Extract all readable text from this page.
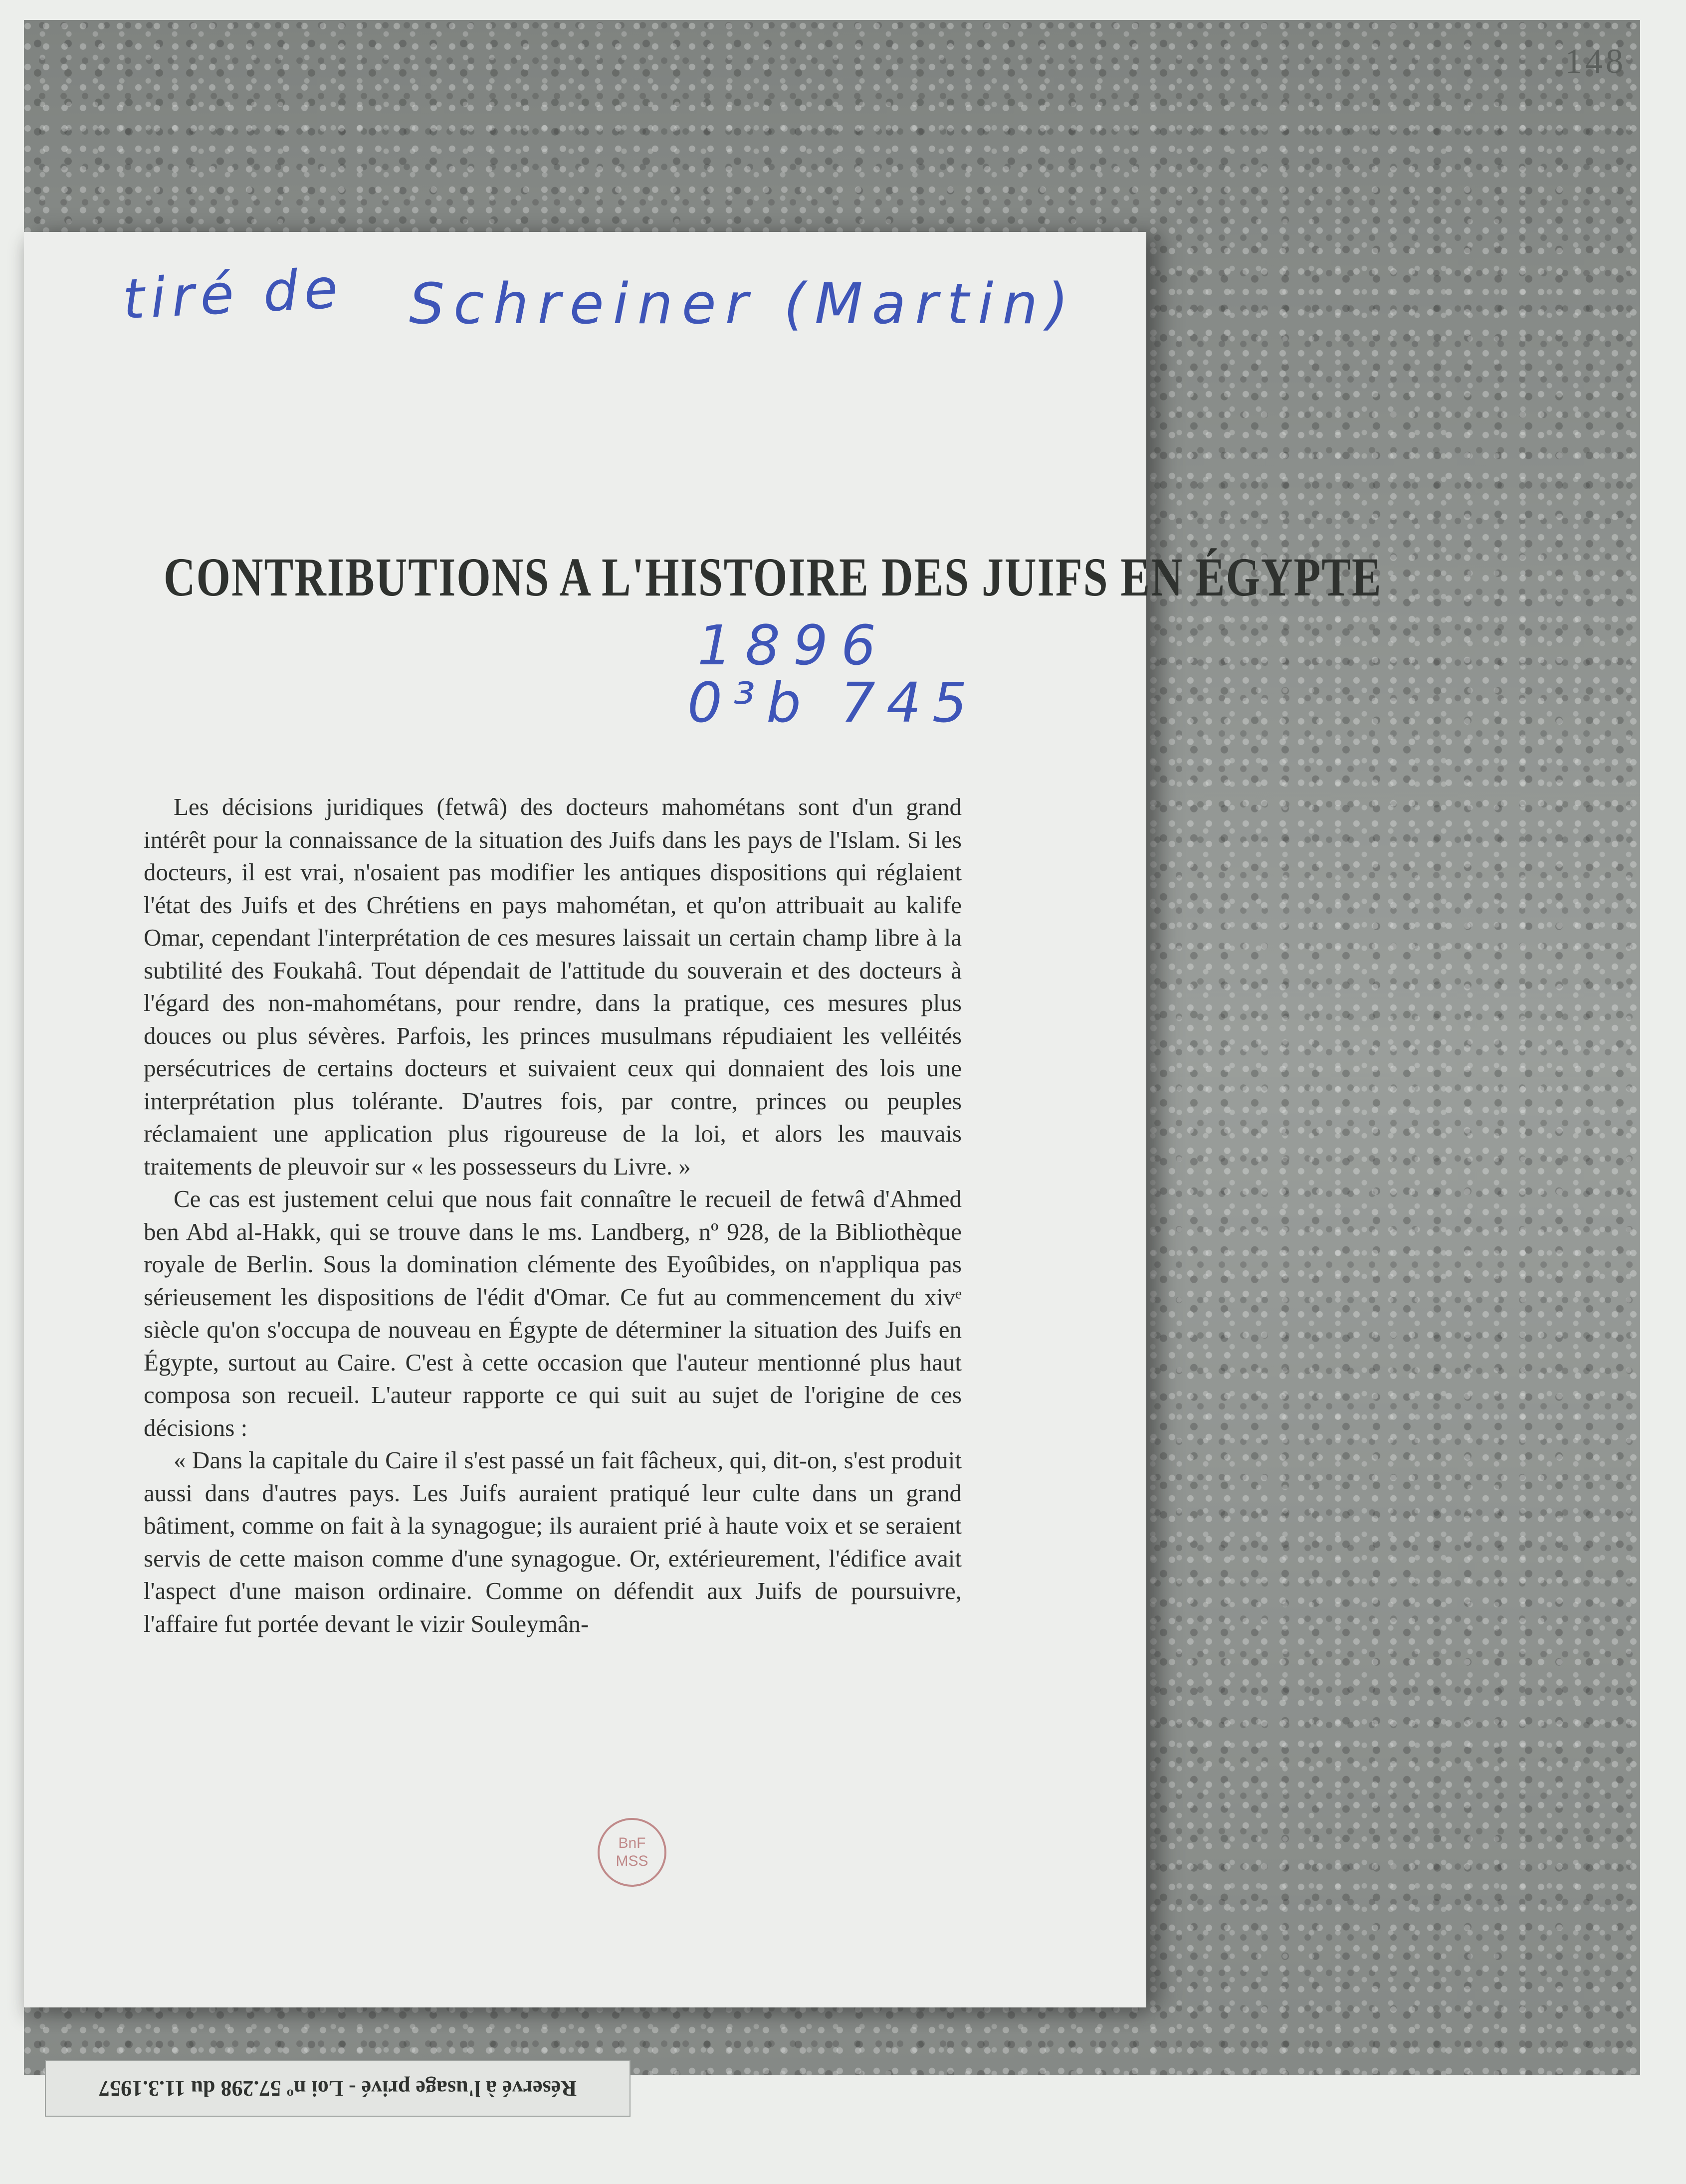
148
tiré de Schreiner (Martin)
CONTRIBUTIONS A L'HISTOIRE DES JUIFS EN ÉGYPTE
1896
0³b 745

Les décisions juridiques (fetwâ) des docteurs mahométans sont d'un grand intérêt pour la connaissance de la situation des Juifs dans les pays de l'Islam. Si les docteurs, il est vrai, n'osaient pas modifier les antiques dispositions qui réglaient l'état des Juifs et des Chrétiens en pays mahométan, et qu'on attribuait au kalife Omar, cependant l'interprétation de ces mesures laissait un certain champ libre à la subtilité des Foukahâ. Tout dépendait de l'attitude du souverain et des docteurs à l'égard des non-mahométans, pour rendre, dans la pratique, ces mesures plus douces ou plus sévères. Parfois, les princes musulmans répudiaient les velléités persécutrices de certains docteurs et suivaient ceux qui donnaient des lois une interprétation plus tolérante. D'autres fois, par contre, princes ou peuples réclamaient une application plus rigoureuse de la loi, et alors les mauvais traitements de pleuvoir sur « les possesseurs du Livre. »

Ce cas est justement celui que nous fait connaître le recueil de fetwâ d'Ahmed ben Abd al-Hakk, qui se trouve dans le ms. Landberg, nº 928, de la Bibliothèque royale de Berlin. Sous la domination clémente des Eyoûbides, on n'appliqua pas sérieusement les dispositions de l'édit d'Omar. Ce fut au commencement du xivᵉ siècle qu'on s'occupa de nouveau en Égypte de déterminer la situation des Juifs en Égypte, surtout au Caire. C'est à cette occasion que l'auteur mentionné plus haut composa son recueil. L'auteur rapporte ce qui suit au sujet de l'origine de ces décisions :

« Dans la capitale du Caire il s'est passé un fait fâcheux, qui, dit-on, s'est produit aussi dans d'autres pays. Les Juifs auraient pratiqué leur culte dans un grand bâtiment, comme on fait à la synagogue; ils auraient prié à haute voix et se seraient servis de cette maison comme d'une synagogue. Or, extérieurement, l'édifice avait l'aspect d'une maison ordinaire. Comme on défendit aux Juifs de poursuivre, l'affaire fut portée devant le vizir Souleymân-

BnF
MSS
Réservé à l'usage privé - Loi nº 57.298 du 11.3.1957
